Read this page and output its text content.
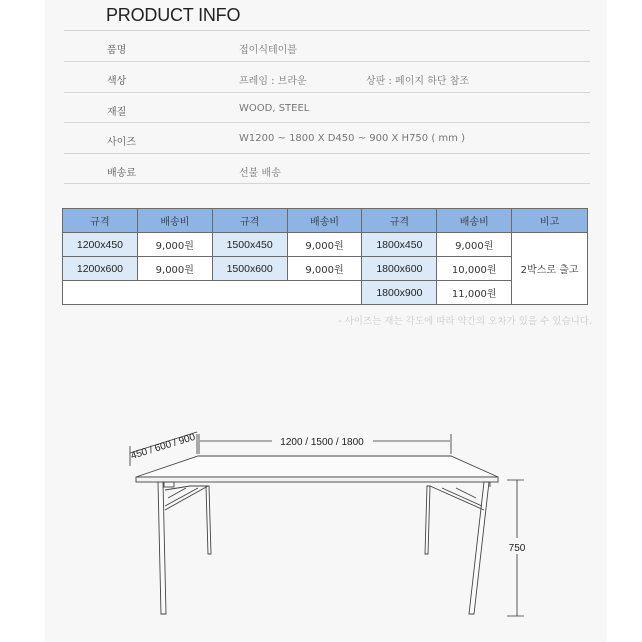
PRODUCT INFO
품명	접이식테이블
색상	프레임 : 브라운	상판 : 페이지 하단 참조
재질	WOOD, STEEL
사이즈	W1200 ~ 1800 X D450 ~ 900 X H750 ( mm )
배송료	선불 배송
규격	배송비	규격	배송비	규격	배송비	비고
1200x450	9,000원	1500x450	9,000원	1800x450	9,000원	2박스로 출고
1200x600	9,000원	1500x600	9,000원	1800x600	10,000원	
				1800x900	11,000원	
- 사이즈는 재는 각도에 따라 약간의 오차가 있을 수 있습니다.
450 / 600 / 900	1200 / 1500 / 1800
750
